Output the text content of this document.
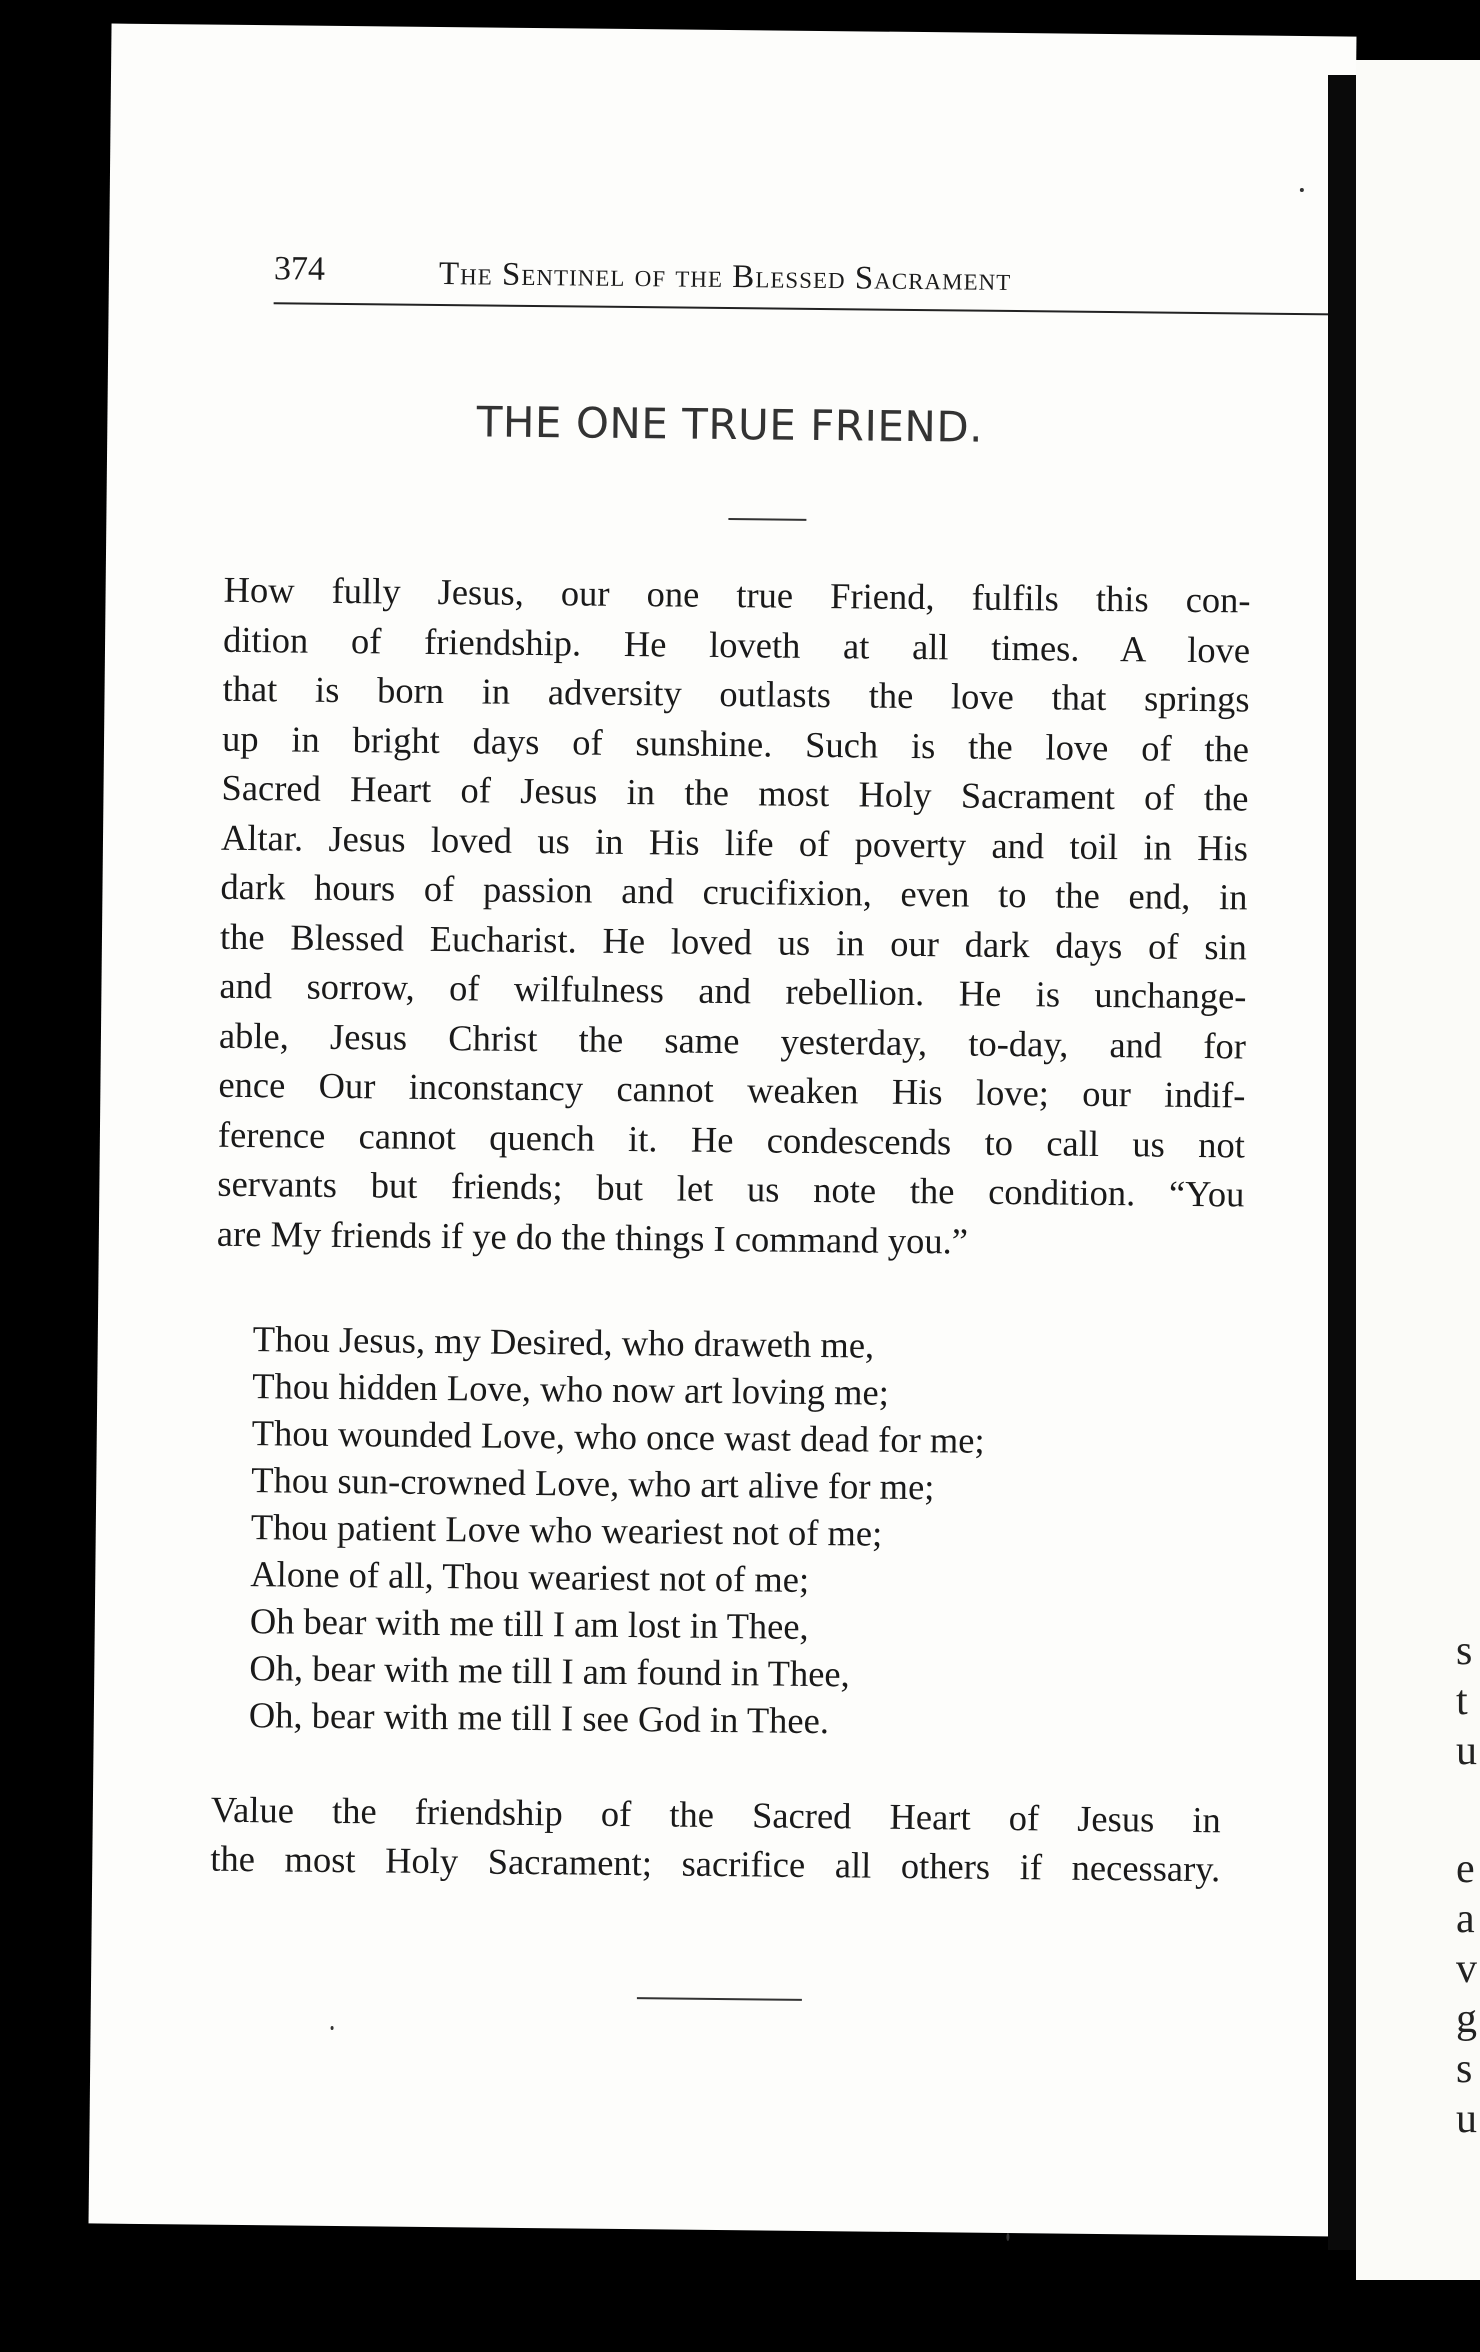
374	The Sentinel of the Blessed Sacrament
THE ONE TRUE FRIEND.
How fully Jesus, our one true Friend, fulfils this con-
dition of friendship. He loveth at all times. A love
that is born in adversity outlasts the love that springs
up in bright days of sunshine. Such is the love of the
Sacred Heart of Jesus in the most Holy Sacrament of the
Altar. Jesus loved us in His life of poverty and toil in His
dark hours of passion and crucifixion, even to the end, in
the Blessed Eucharist. He loved us in our dark days of sin
and sorrow, of wilfulness and rebellion. He is unchange-
able, Jesus Christ the same yesterday, to-day, and for
ence Our inconstancy cannot weaken His love; our indif-
ference cannot quench it. He condescends to call us not
servants but friends; but let us note the condition. “You
are My friends if ye do the things I command you.”
Thou Jesus, my Desired, who draweth me,
Thou hidden Love, who now art loving me;
Thou wounded Love, who once wast dead for me;
Thou sun-crowned Love, who art alive for me;
Thou patient Love who weariest not of me;
Alone of all, Thou weariest not of me;
Oh bear with me till I am lost in Thee,
Oh, bear with me till I am found in Thee,
Oh, bear with me till I see God in Thee.
Value the friendship of the Sacred Heart of Jesus in
the most Holy Sacrament; sacrifice all others if necessary.
s
t
u
e
a
v
g
s
u
